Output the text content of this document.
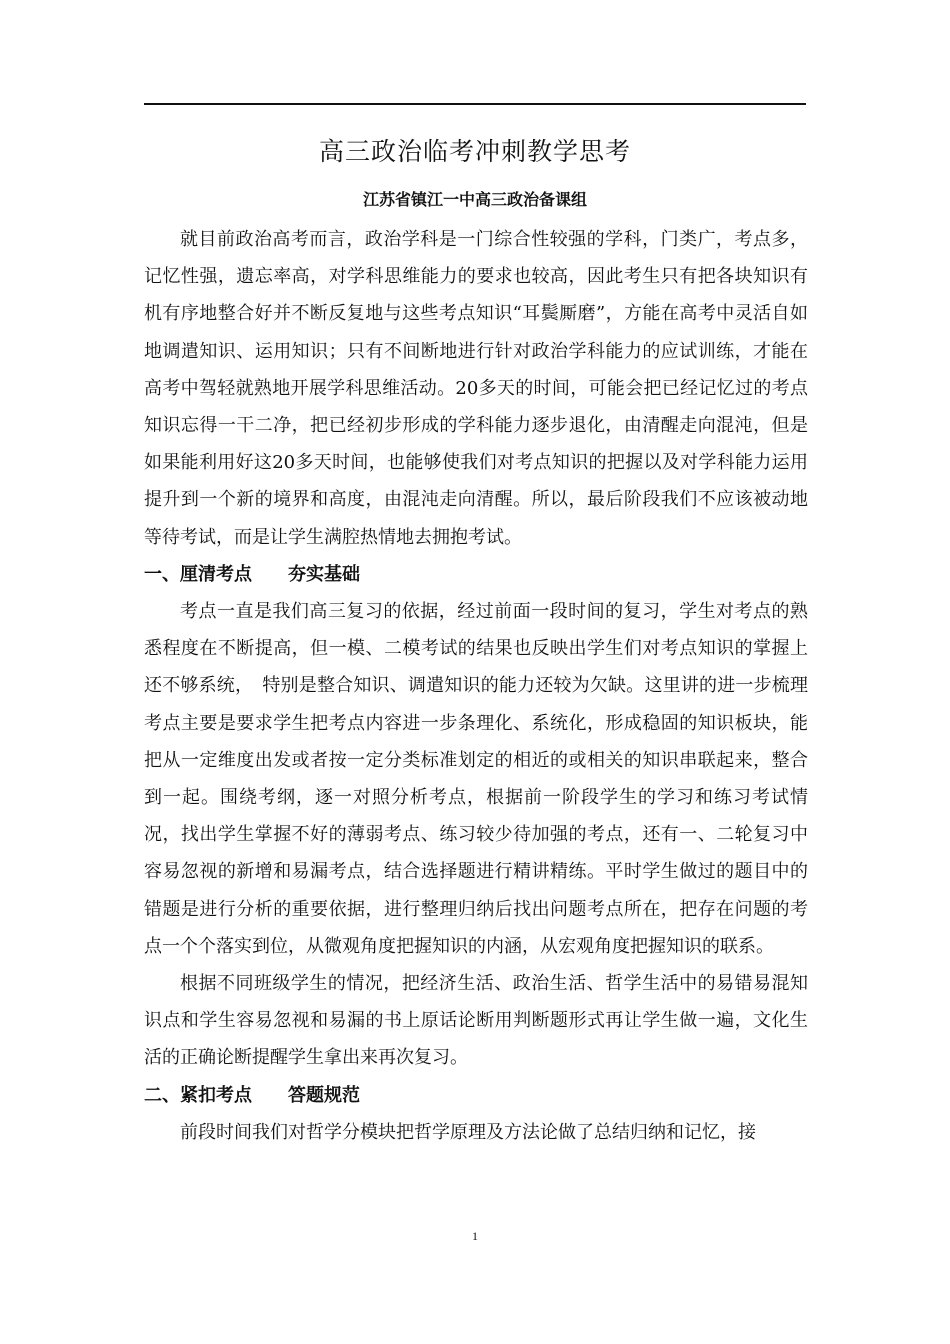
高三政治临考冲刺教学思考
江苏省镇江一中高三政治备课组

就目前政治高考而言，政治学科是一门综合性较强的学科，门类广，考点多，记忆性强，遗忘率高，对学科思维能力的要求也较高，因此考生只有把各块知识有机有序地整合好并不断反复地与这些考点知识“耳鬓厮磨”，方能在高考中灵活自如地调遣知识、运用知识；只有不间断地进行针对政治学科能力的应试训练，才能在高考中驾轻就熟地开展学科思维活动。20多天的时间，可能会把已经记忆过的考点知识忘得一干二净，把已经初步形成的学科能力逐步退化，由清醒走向混沌，但是如果能利用好这20多天时间，也能够使我们对考点知识的把握以及对学科能力运用提升到一个新的境界和高度，由混沌走向清醒。所以，最后阶段我们不应该被动地等待考试，而是让学生满腔热情地去拥抱考试。

一、厘清考点　　夯实基础

考点一直是我们高三复习的依据，经过前面一段时间的复习，学生对考点的熟悉程度在不断提高，但一模、二模考试的结果也反映出学生们对考点知识的掌握上还不够系统，　特别是整合知识、调遣知识的能力还较为欠缺。这里讲的进一步梳理考点主要是要求学生把考点内容进一步条理化、系统化，形成稳固的知识板块，能把从一定维度出发或者按一定分类标准划定的相近的或相关的知识串联起来，整合到一起。围绕考纲，逐一对照分析考点，根据前一阶段学生的学习和练习考试情况，找出学生掌握不好的薄弱考点、练习较少待加强的考点，还有一、二轮复习中容易忽视的新增和易漏考点，结合选择题进行精讲精练。平时学生做过的题目中的错题是进行分析的重要依据，进行整理归纳后找出问题考点所在，把存在问题的考点一个个落实到位，从微观角度把握知识的内涵，从宏观角度把握知识的联系。

根据不同班级学生的情况，把经济生活、政治生活、哲学生活中的易错易混知识点和学生容易忽视和易漏的书上原话论断用判断题形式再让学生做一遍，文化生活的正确论断提醒学生拿出来再次复习。

二、紧扣考点　　答题规范

前段时间我们对哲学分模块把哲学原理及方法论做了总结归纳和记忆，接

1
